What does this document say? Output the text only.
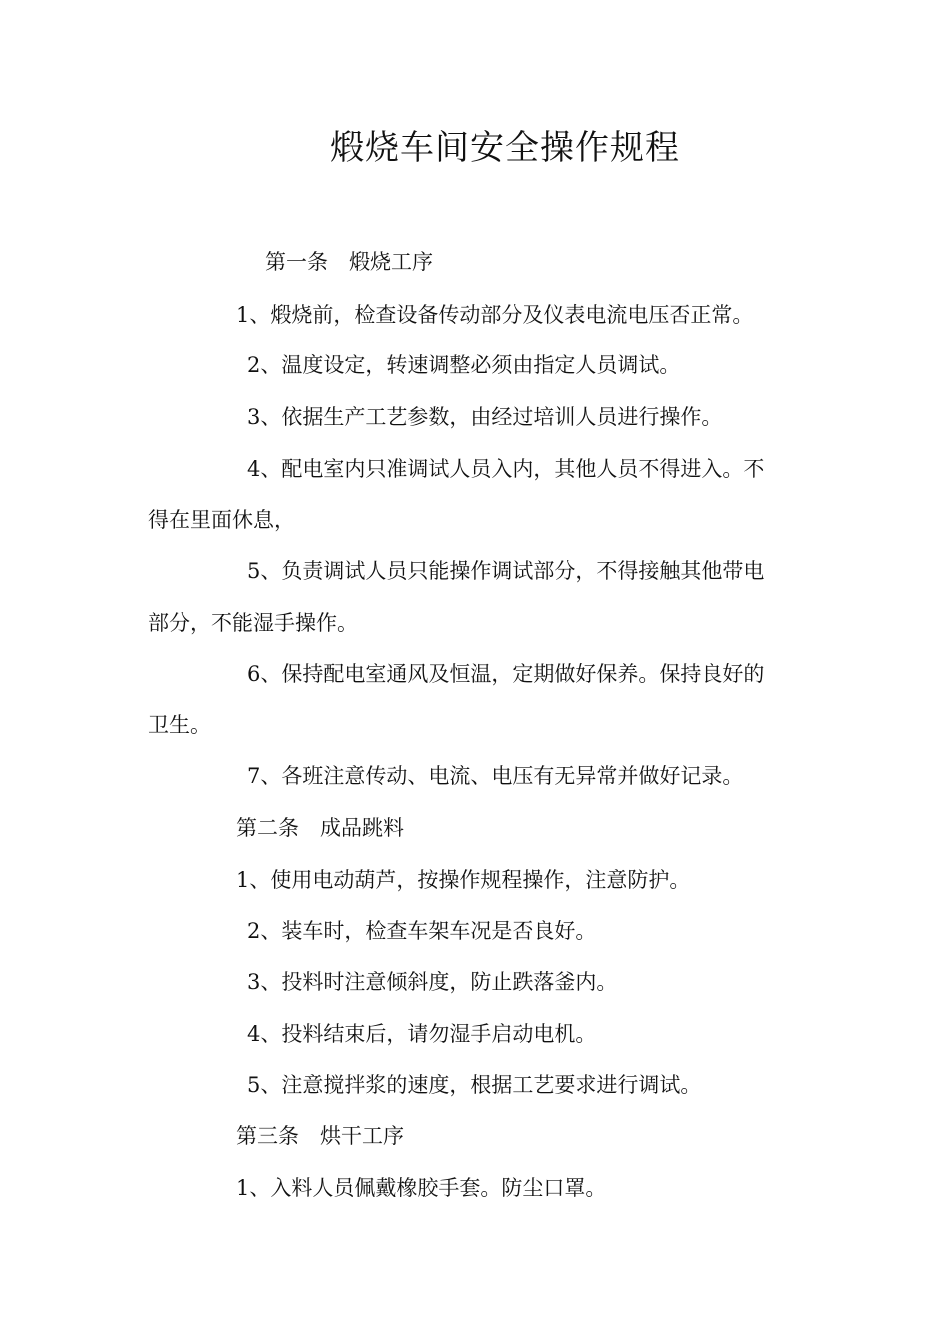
煅烧车间安全操作规程
第一条　煅烧工序
1、煅烧前，检查设备传动部分及仪表电流电压否正常。
2、温度设定，转速调整必须由指定人员调试。
3、依据生产工艺参数，由经过培训人员进行操作。
4、配电室内只准调试人员入内，其他人员不得进入。不
得在里面休息，
5、负责调试人员只能操作调试部分，不得接触其他带电
部分，不能湿手操作。
6、保持配电室通风及恒温，定期做好保养。保持良好的
卫生。
7、各班注意传动、电流、电压有无异常并做好记录。
第二条　成品跳料
1、使用电动葫芦，按操作规程操作，注意防护。
2、装车时，检查车架车况是否良好。
3、投料时注意倾斜度，防止跌落釜内。
4、投料结束后，请勿湿手启动电机。
5、注意搅拌浆的速度，根据工艺要求进行调试。
第三条　烘干工序
1、入料人员佩戴橡胶手套。防尘口罩。
